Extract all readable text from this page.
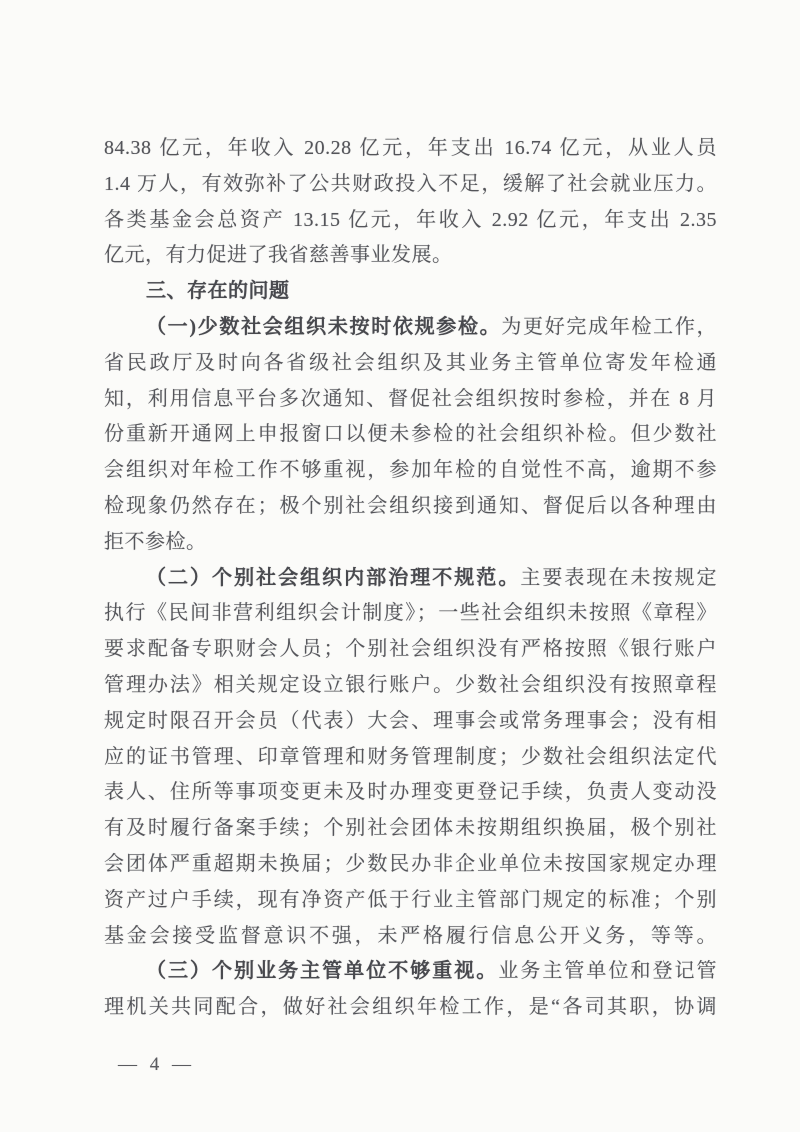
84.38 亿元，年收入 20.28 亿元，年支出 16.74 亿元，从业人员
1.4 万人，有效弥补了公共财政投入不足，缓解了社会就业压力。
各类基金会总资产 13.15 亿元，年收入 2.92 亿元，年支出 2.35
亿元，有力促进了我省慈善事业发展。
三、存在的问题
（一)少数社会组织未按时依规参检。为更好完成年检工作，
省民政厅及时向各省级社会组织及其业务主管单位寄发年检通
知，利用信息平台多次通知、督促社会组织按时参检，并在 8 月
份重新开通网上申报窗口以便未参检的社会组织补检。但少数社
会组织对年检工作不够重视，参加年检的自觉性不高，逾期不参
检现象仍然存在；极个别社会组织接到通知、督促后以各种理由
拒不参检。
（二）个别社会组织内部治理不规范。主要表现在未按规定
执行《民间非营利组织会计制度》；一些社会组织未按照《章程》
要求配备专职财会人员；个别社会组织没有严格按照《银行账户
管理办法》相关规定设立银行账户。少数社会组织没有按照章程
规定时限召开会员（代表）大会、理事会或常务理事会；没有相
应的证书管理、印章管理和财务管理制度；少数社会组织法定代
表人、住所等事项变更未及时办理变更登记手续，负责人变动没
有及时履行备案手续；个别社会团体未按期组织换届，极个别社
会团体严重超期未换届；少数民办非企业单位未按国家规定办理
资产过户手续，现有净资产低于行业主管部门规定的标准；个别
基金会接受监督意识不强，未严格履行信息公开义务，等等。
（三）个别业务主管单位不够重视。业务主管单位和登记管
理机关共同配合，做好社会组织年检工作，是“各司其职，协调
— 4 —
